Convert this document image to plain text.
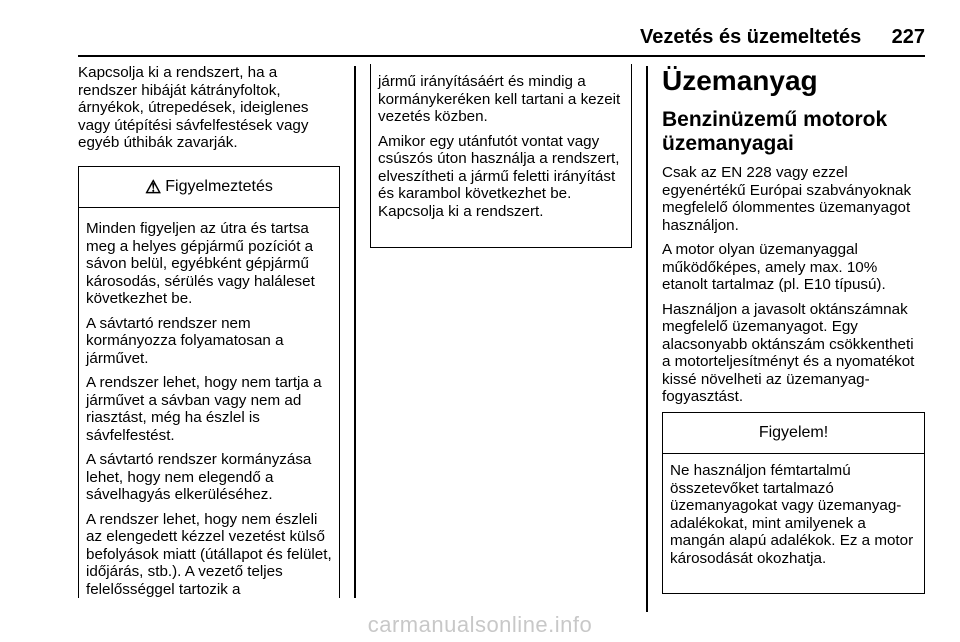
Vezetés és üzemeltetés 227

Kapcsolja ki a rendszert, ha a rendszer hibáját kátrányfoltok, árnyékok, útrepedések, ideiglenes vagy útépítési sávfelfestések vagy egyéb úthibák zavarják.

⚠ Figyelmeztetés

Minden figyeljen az útra és tartsa meg a helyes gépjármű pozíciót a sávon belül, egyébként gépjármű károsodás, sérülés vagy haláleset következhet be.

A sávtartó rendszer nem kormányozza folyamatosan a járművet.

A rendszer lehet, hogy nem tartja a járművet a sávban vagy nem ad riasztást, még ha észlel is sávfelfestést.

A sávtartó rendszer kormányzása lehet, hogy nem elegendő a sávelhagyás elkerüléséhez.

A rendszer lehet, hogy nem észleli az elengedett kézzel vezetést külső befolyások miatt (útállapot és felület, időjárás, stb.). A vezető teljes felelősséggel tartozik a

jármű irányításáért és mindig a kormánykeréken kell tartani a kezeit vezetés közben.

Amikor egy utánfutót vontat vagy csúszós úton használja a rendszert, elveszítheti a jármű feletti irányítást és karambol következhet be. Kapcsolja ki a rendszert.

Üzemanyag
Benzinüzemű motorok üzemanyagai

Csak az EN 228 vagy ezzel egyenértékű Európai szabványoknak megfelelő ólommentes üzemanyagot használjon.

A motor olyan üzemanyaggal működőképes, amely max. 10% etanolt tartalmaz (pl. E10 típusú).

Használjon a javasolt oktánszámnak megfelelő üzemanyagot. Egy alacsonyabb oktánszám csökkentheti a motorteljesítményt és a nyomatékot kissé növelheti az üzemanyag-fogyasztást.

Figyelem!

Ne használjon fémtartalmú összetevőket tartalmazó üzemanyagokat vagy üzemanyag-adalékokat, mint amilyenek a mangán alapú adalékok. Ez a motor károsodását okozhatja.

carmanualsonline.info
